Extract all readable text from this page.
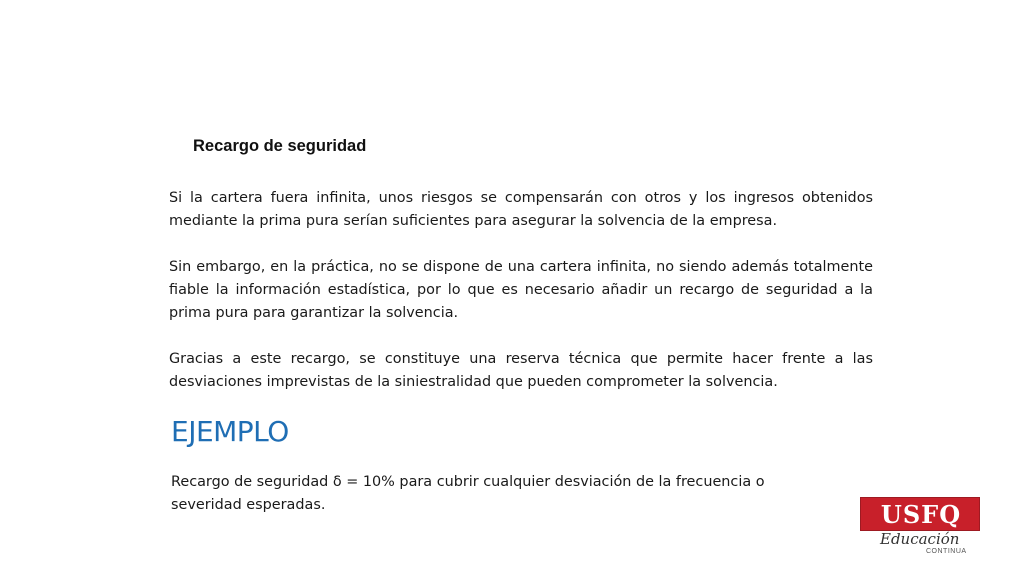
Recargo de seguridad

Si la cartera fuera infinita, unos riesgos se compensarán con otros y los ingresos obtenidos mediante la prima pura serían suficientes para asegurar la solvencia de la empresa.

Sin embargo, en la práctica, no se dispone de una cartera infinita, no siendo además totalmente fiable la información estadística, por lo que es necesario añadir un recargo de seguridad a la prima pura para garantizar la solvencia.

Gracias a este recargo, se constituye una reserva técnica que permite hacer frente a las desviaciones imprevistas de la siniestralidad que pueden comprometer la solvencia.

EJEMPLO

Recargo de seguridad δ = 10% para cubrir cualquier desviación de la frecuencia o severidad esperadas.	USFQ
Educación
CONTINUA
